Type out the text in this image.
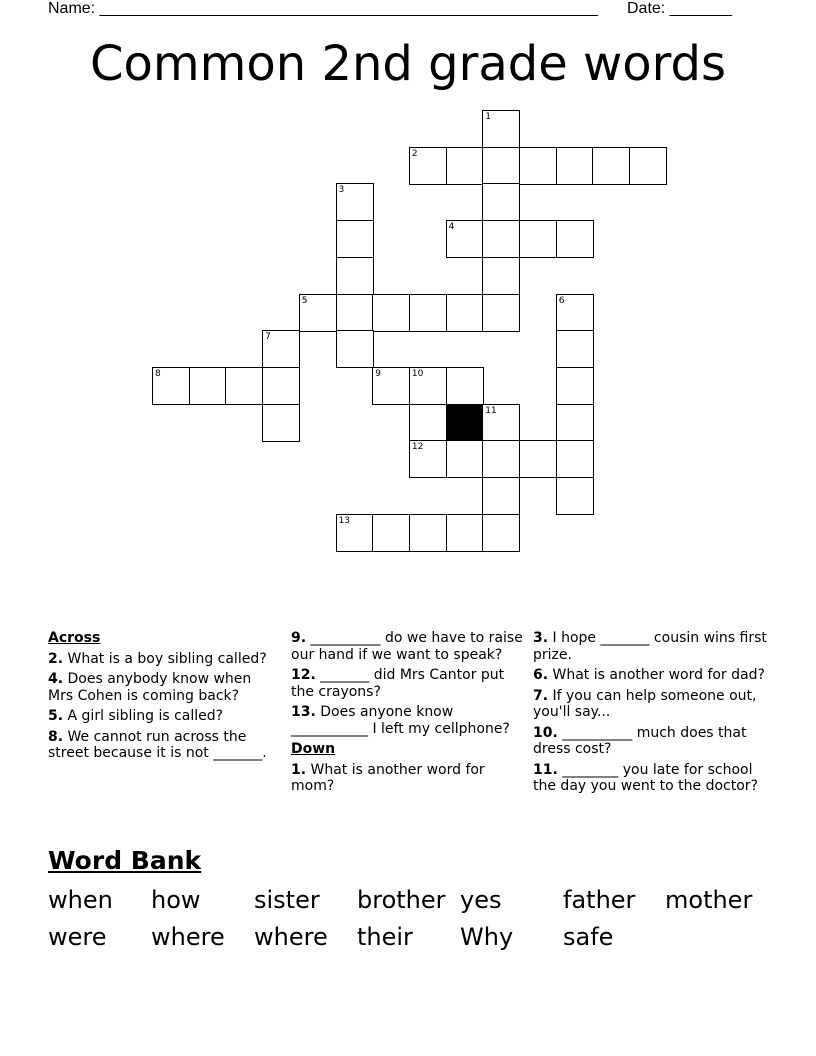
Name: ________________________________________________________ Date: _______
Common 2nd grade words
1
2
3
4
5	6
7
8	9	10
11
12
13
Across
2. What is a boy sibling called?
4. Does anybody know when Mrs Cohen is coming back?
5. A girl sibling is called?
8. We cannot run across the street because it is not _______.
9. __________ do we have to raise our hand if we want to speak?
12. _______ did Mrs Cantor put the crayons?
13. Does anyone know ___________ I left my cellphone?
Down
1. What is another word for mom?
3. I hope _______ cousin wins first prize.
6. What is another word for dad?
7. If you can help someone out, you'll say...
10. __________ much does that dress cost?
11. ________ you late for school the day you went to the doctor?
Word Bank
when how sister brother yes	father mother
were where where their Why safe
